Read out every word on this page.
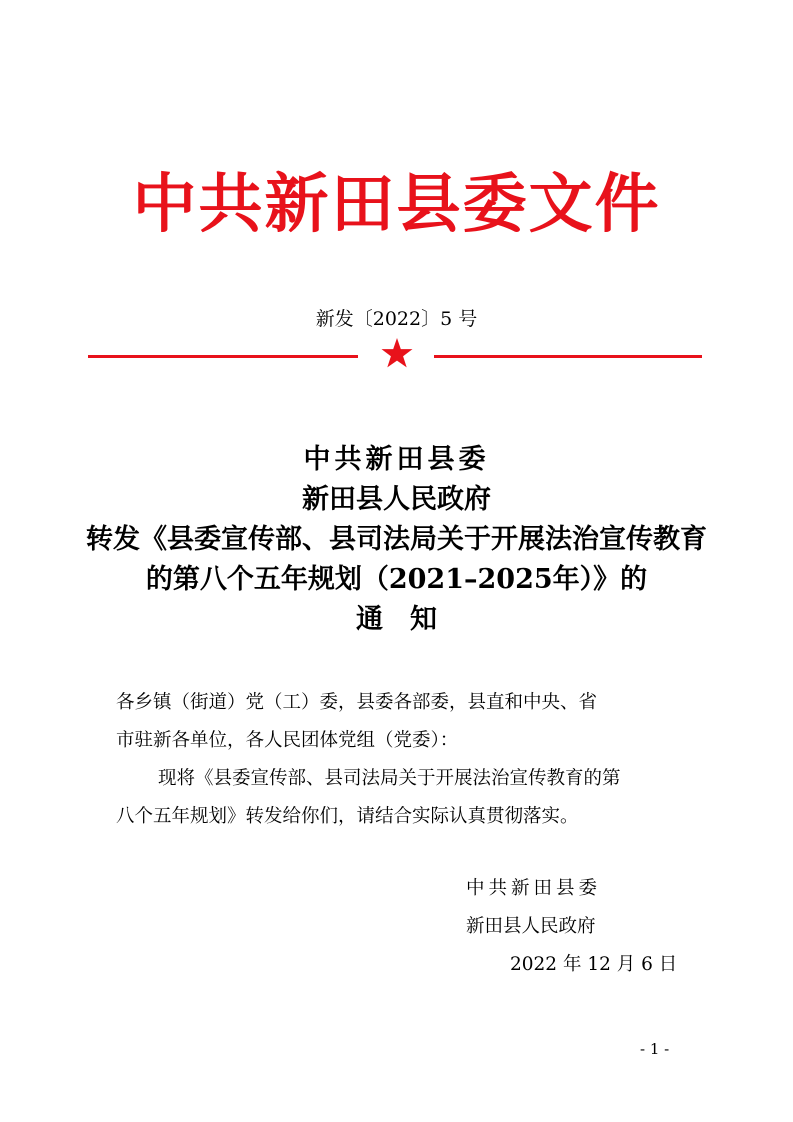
中共新田县委文件
新发〔2022〕5 号
中共新田县委
新田县人民政府
转发《县委宣传部、县司法局关于开展法治宣传教育
的第八个五年规划（2021–2025年）》的
通　知

各乡镇（街道）党（工）委，县委各部委，县直和中央、省

市驻新各单位，各人民团体党组（党委）：

现将《县委宣传部、县司法局关于开展法治宣传教育的第

八个五年规划》转发给你们，请结合实际认真贯彻落实。

中共新田县委
新田县人民政府
2022 年 12 月 6 日
- 1 -
